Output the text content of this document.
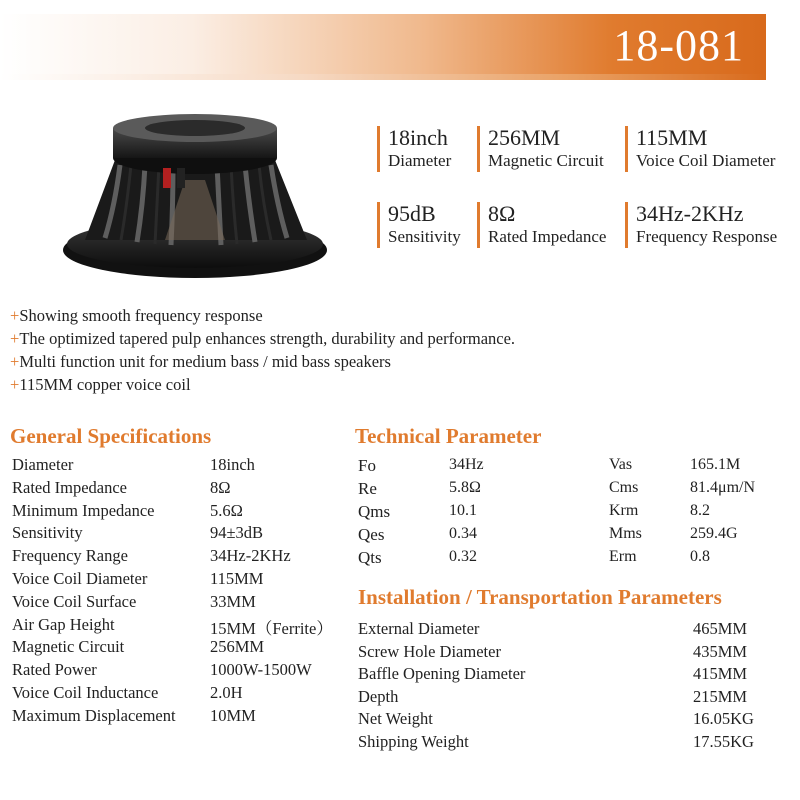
18-081
18inch
Diameter
256MM
Magnetic Circuit
115MM
Voice Coil Diameter
95dB
Sensitivity
8Ω
Rated Impedance
34Hz-2KHz
Frequency Response
+Showing smooth frequency response
+The optimized tapered pulp enhances strength, durability and performance.
+Multi function unit for medium bass / mid bass speakers
+115MM copper voice coil
General Specifications
Diameter	18inch
Rated Impedance	8Ω
Minimum Impedance	5.6Ω
Sensitivity	94±3dB
Frequency Range	34Hz-2KHz
Voice Coil Diameter	115MM
Voice Coil Surface	33MM
Air Gap Height	15MM（Ferrite）
Magnetic Circuit	256MM
Rated Power	1000W-1500W
Voice Coil Inductance	2.0H
Maximum Displacement 10MM
Technical Parameter
Fo	34Hz	Vas	165.1M
Re	5.8Ω	Cms	81.4μm/N
Qms	10.1	Krm	8.2
Qes	0.34	Mms	259.4G
Qts	0.32	Erm	0.8
Installation / Transportation Parameters
External Diameter	465MM
Screw Hole Diameter	435MM
Baffle Opening Diameter	415MM
Depth	215MM
Net Weight	16.05KG
Shipping Weight	17.55KG
